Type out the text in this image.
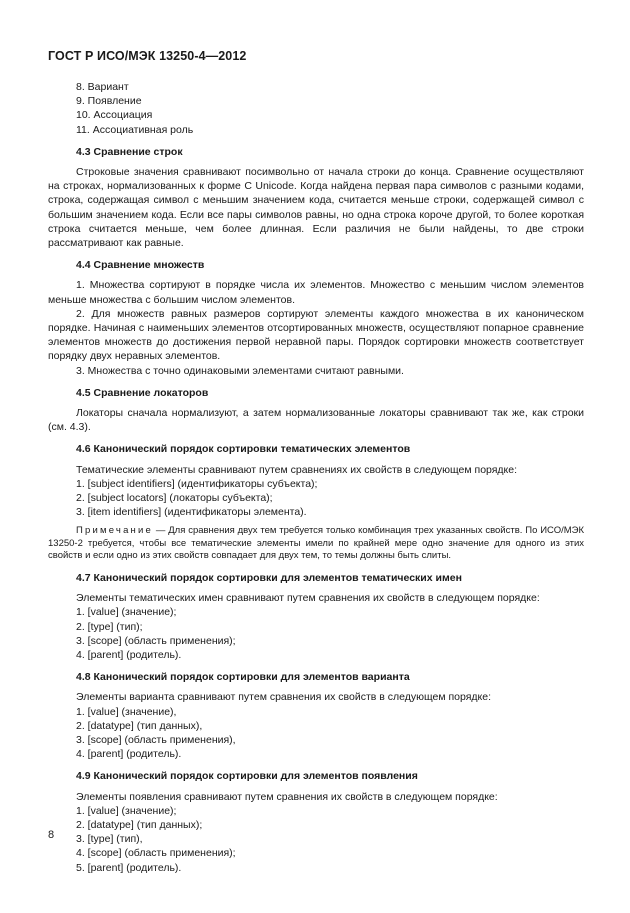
ГОСТ Р ИСО/МЭК 13250-4—2012

8. Вариант

9. Появление

10. Ассоциация

11. Ассоциативная роль

4.3 Сравнение строк

Строковые значения сравнивают посимвольно от начала строки до конца. Сравнение осуществляют на строках, нормализованных к форме C Unicode. Когда найдена первая пара символов с разными кодами, строка, содержащая символ с меньшим значением кода, считается меньше строки, содержащей символ с большим значением кода. Если все пары символов равны, но одна строка короче другой, то более короткая строка считается меньше, чем более длинная. Если различия не были найдены, то две строки рассматривают как равные.

4.4 Сравнение множеств

1. Множества сортируют в порядке числа их элементов. Множество с меньшим числом элементов меньше множества с большим числом элементов.

2. Для множеств равных размеров сортируют элементы каждого множества в их каноническом порядке. Начиная с наименьших элементов отсортированных множеств, осуществляют попарное сравнение элементов множеств до достижения первой неравной пары. Порядок сортировки множеств соответствует порядку двух неравных элементов.

3. Множества с точно одинаковыми элементами считают равными.

4.5 Сравнение локаторов

Локаторы сначала нормализуют, а затем нормализованные локаторы сравнивают так же, как строки (см. 4.3).

4.6 Канонический порядок сортировки тематических элементов

Тематические элементы сравнивают путем сравнениях их свойств в следующем порядке:

1. [subject identifiers] (идентификаторы субъекта);

2. [subject locators] (локаторы субъекта);

3. [item identifiers] (идентификаторы элемента).

Примечание — Для сравнения двух тем требуется только комбинация трех указанных свойств. По ИСО/МЭК 13250-2 требуется, чтобы все тематические элементы имели по крайней мере одно значение для одного из этих свойств и если одно из этих свойств совпадает для двух тем, то темы должны быть слиты.

4.7 Канонический порядок сортировки для элементов тематических имен

Элементы тематических имен сравнивают путем сравнения их свойств в следующем порядке:

1. [value] (значение);

2. [type] (тип);

3. [scope] (область применения);

4. [parent] (родитель).

4.8 Канонический порядок сортировки для элементов варианта

Элементы варианта сравнивают путем сравнения их свойств в следующем порядке:

1. [value] (значение),

2. [datatype] (тип данных),

3. [scope] (область применения),

4. [parent] (родитель).

4.9 Канонический порядок сортировки для элементов появления

Элементы появления сравнивают путем сравнения их свойств в следующем порядке:

1. [value] (значение);

2. [datatype] (тип данных);

3. [type] (тип),

4. [scope] (область применения);

5. [parent] (родитель).

8
